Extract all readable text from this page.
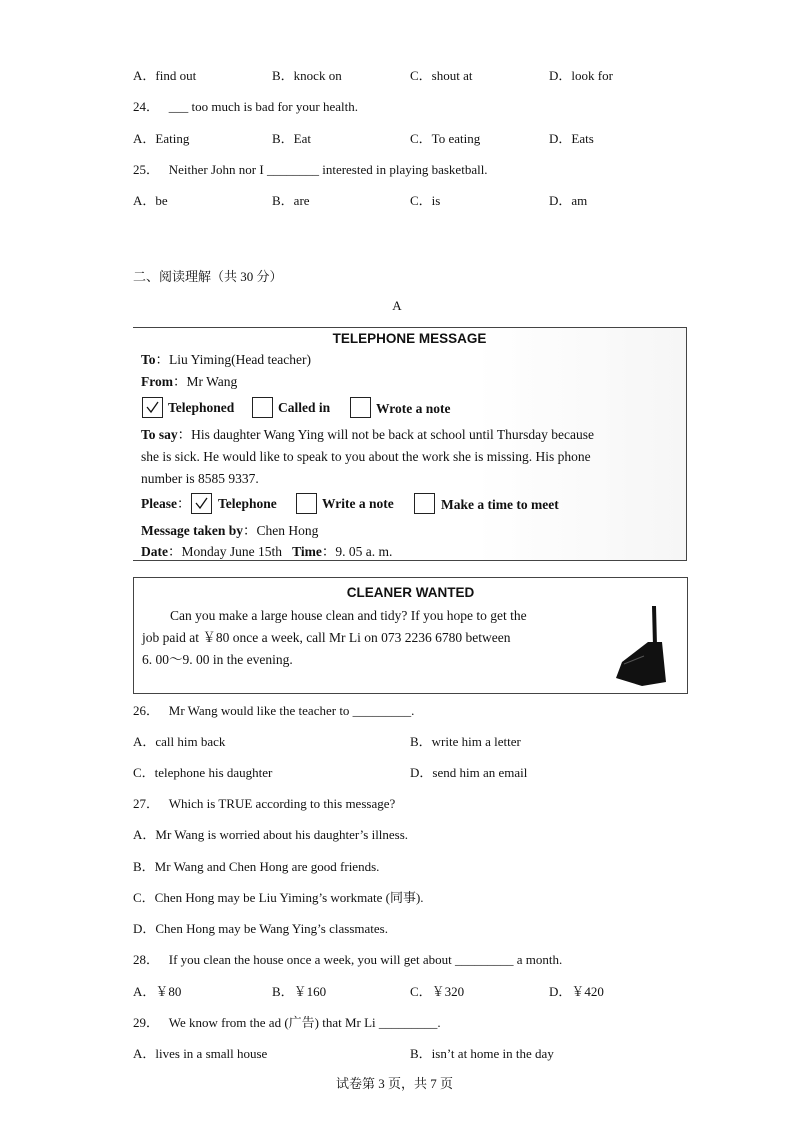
A．find out	B．knock on	C．shout at	D．look for
24． ___ too much is bad for your health.
A．Eating	B．Eat	C．To eating	D．Eats
25． Neither John nor I ________ interested in playing basketball.
A．be	B．are	C．is	D．am
二、阅读理解（共 30 分）
A
TELEPHONE MESSAGE
To：Liu Yiming(Head teacher)
From：Mr Wang
Telephoned	Called in	Wrote a note
To say：His daughter Wang Ying will not be back at school until Thursday because
she is sick. He would like to speak to you about the work she is missing. His phone
number is 8585 9337.
Please： Telephone	Write a note	Make a time to meet
Message taken by：Chen Hong
Date：Monday June 15th Time：9. 05 a. m.
CLEANER WANTED
Can you make a large house clean and tidy? If you hope to get the
job paid at ￥80 once a week, call Mr Li on 073 2236 6780 between
6. 00～9. 00 in the evening.
26． Mr Wang would like the teacher to _________.
A．call him back	B．write him a letter
C．telephone his daughter	D．send him an email
27． Which is TRUE according to this message?
A．Mr Wang is worried about his daughter’s illness.
B．Mr Wang and Chen Hong are good friends.
C．Chen Hong may be Liu Yiming’s workmate (同事).
D．Chen Hong may be Wang Ying’s classmates.
28． If you clean the house once a week, you will get about _________ a month.
A．￥80	B．￥160	C．￥320	D．￥420
29． We know from the ad (广告) that Mr Li _________.
A．lives in a small house	B．isn’t at home in the day
试卷第 3 页，共 7 页
